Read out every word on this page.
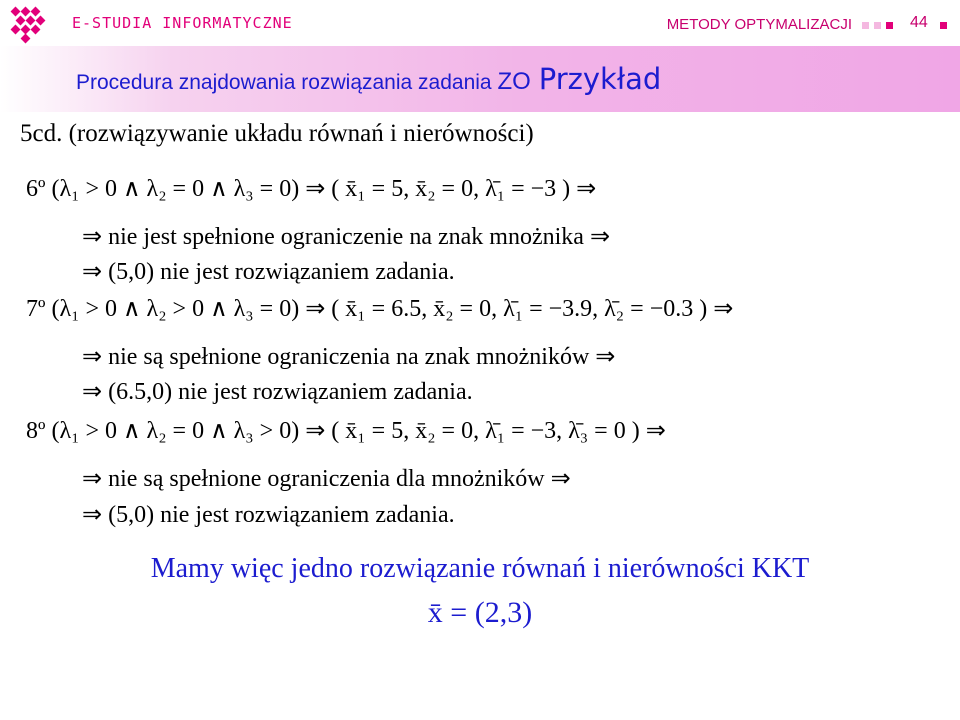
E-STUDIA INFORMATYCZNE	METODY OPTYMALIZACJI	44
Procedura znajdowania rozwiązania zadania ZO Przykład
5cd. (rozwiązywanie układu równań i nierówności)
6º (λ₁ > 0 ∧ λ₂ = 0 ∧ λ₃ = 0) ⇒ ( x̄₁ = 5, x̄₂ = 0, λ̄₁ = −3 ) ⇒
⇒ nie jest spełnione ograniczenie na znak mnożnika ⇒
⇒ (5,0) nie jest rozwiązaniem zadania.
7º (λ₁ > 0 ∧ λ₂ > 0 ∧ λ₃ = 0) ⇒ ( x̄₁ = 6.5, x̄₂ = 0, λ̄₁ = −3.9, λ̄₂ = −0.3 ) ⇒
⇒ nie są spełnione ograniczenia na znak mnożników ⇒
⇒ (6.5,0) nie jest rozwiązaniem zadania.
8º (λ₁ > 0 ∧ λ₂ = 0 ∧ λ₃ > 0) ⇒ ( x̄₁ = 5, x̄₂ = 0, λ̄₁ = −3, λ̄₃ = 0 ) ⇒
⇒ nie są spełnione ograniczenia dla mnożników ⇒
⇒ (5,0) nie jest rozwiązaniem zadania.
Mamy więc jedno rozwiązanie równań i nierówności KKT
x̄ = (2,3)
